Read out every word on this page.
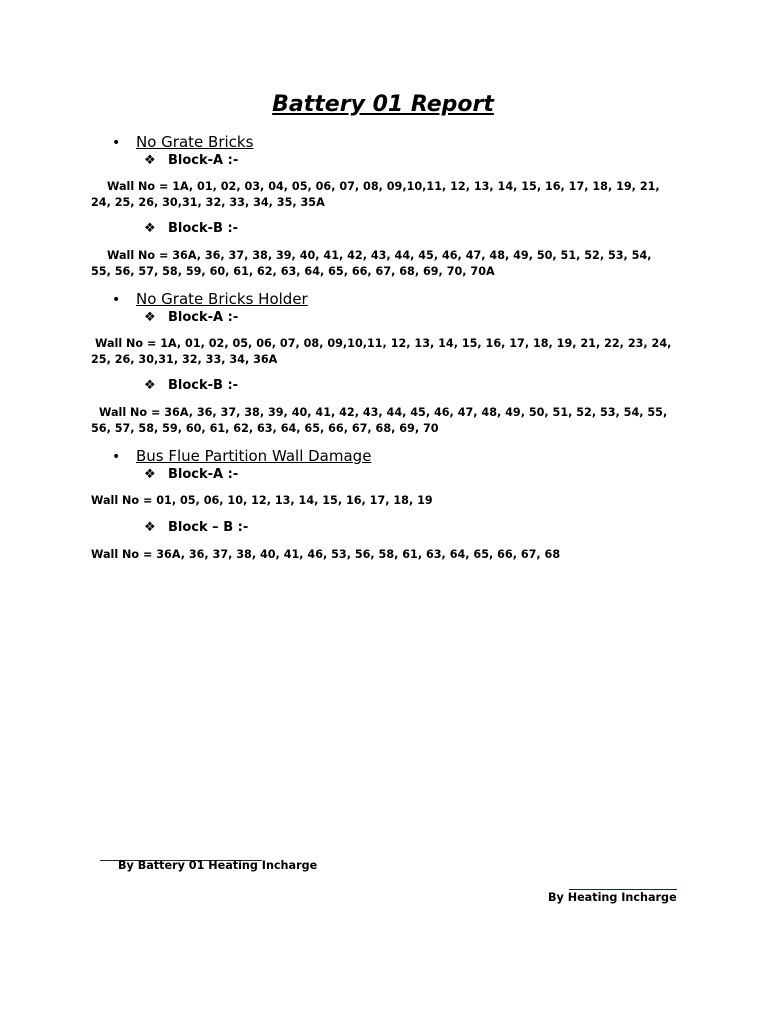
Battery 01 Report
• No Grate Bricks
❖ Block-A :-
Wall No = 1A, 01, 02, 03, 04, 05, 06, 07, 08, 09,10,11, 12, 13, 14, 15, 16, 17, 18, 19, 21,
24, 25, 26, 30,31, 32, 33, 34, 35, 35A
❖ Block-B :-
Wall No = 36A, 36, 37, 38, 39, 40, 41, 42, 43, 44, 45, 46, 47, 48, 49, 50, 51, 52, 53, 54,
55, 56, 57, 58, 59, 60, 61, 62, 63, 64, 65, 66, 67, 68, 69, 70, 70A
• No Grate Bricks Holder
❖ Block-A :-
Wall No = 1A, 01, 02, 05, 06, 07, 08, 09,10,11, 12, 13, 14, 15, 16, 17, 18, 19, 21, 22, 23, 24,
25, 26, 30,31, 32, 33, 34, 36A
❖ Block-B :-
Wall No = 36A, 36, 37, 38, 39, 40, 41, 42, 43, 44, 45, 46, 47, 48, 49, 50, 51, 52, 53, 54, 55,
56, 57, 58, 59, 60, 61, 62, 63, 64, 65, 66, 67, 68, 69, 70
• Bus Flue Partition Wall Damage
❖ Block-A :-
Wall No = 01, 05, 06, 10, 12, 13, 14, 15, 16, 17, 18, 19
❖ Block – B :-
Wall No = 36A, 36, 37, 38, 40, 41, 46, 53, 56, 58, 61, 63, 64, 65, 66, 67, 68
By Battery 01 Heating Incharge
By Heating Incharge
